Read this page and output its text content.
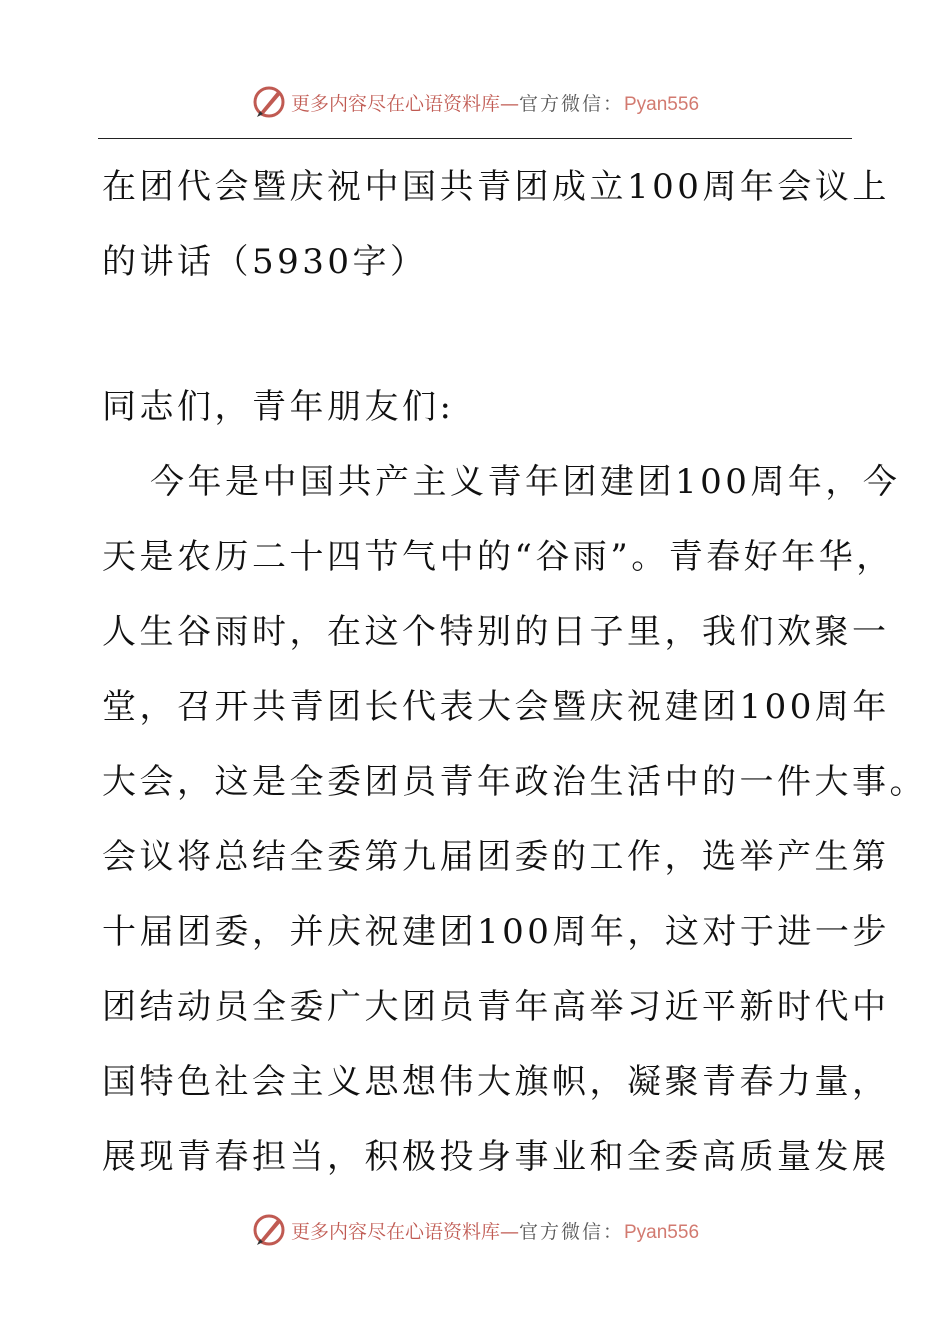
更多内容尽在心语资料库—官方微信：Pyan556
在团代会暨庆祝中国共青团成立100周年会议上
的讲话（5930字）
同志们，青年朋友们:
今年是中国共产主义青年团建团100周年，今
天是农历二十四节气中的“谷雨”。青春好年华，
人生谷雨时，在这个特别的日子里，我们欢聚一
堂，召开共青团长代表大会暨庆祝建团100周年
大会，这是全委团员青年政治生活中的一件大事。
会议将总结全委第九届团委的工作，选举产生第
十届团委，并庆祝建团100周年，这对于进一步
团结动员全委广大团员青年高举习近平新时代中
国特色社会主义思想伟大旗帜，凝聚青春力量，
展现青春担当，积极投身事业和全委高质量发展
更多内容尽在心语资料库—官方微信：Pyan556
